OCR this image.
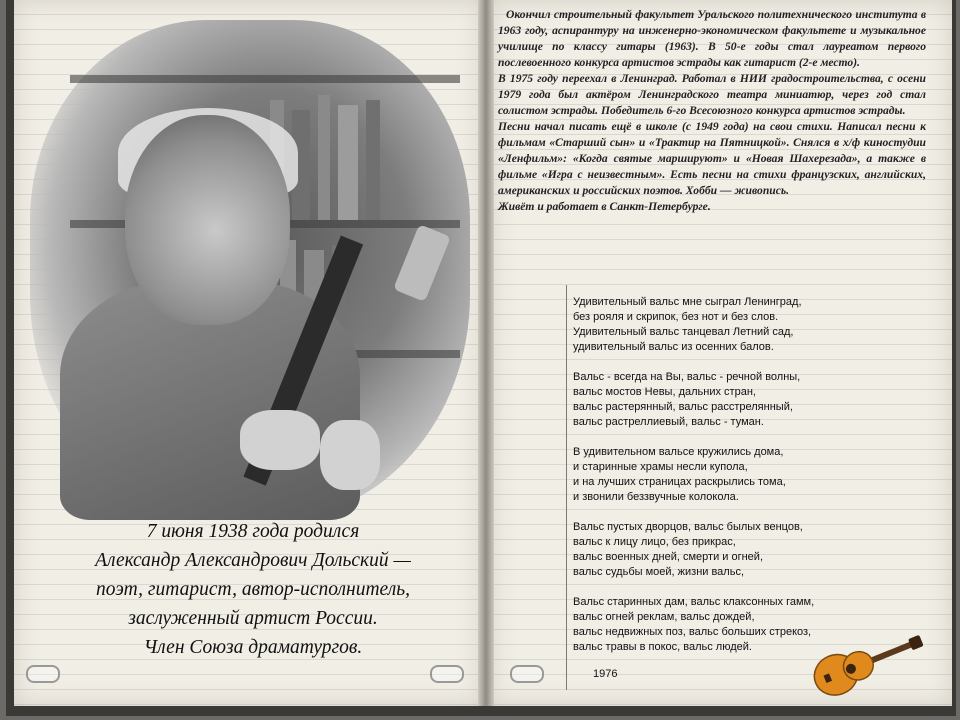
7 июня 1938 года родился
Александр Александрович Дольский —
поэт, гитарист, автор-исполнитель,
заслуженный артист России.
Член Союза драматургов.

Окончил строительный факультет Уральского политехнического института в 1963 году, аспирантуру на инженерно-экономическом факультете и музыкальное училище по классу гитары (1963). В 50-е годы стал лауреатом первого послевоенного конкурса артистов эстрады как гитарист (2-е место).

В 1975 году переехал в Ленинград. Работал в НИИ градостроительства, с осени 1979 года был актёром Ленинградского театра миниатюр, через год стал солистом эстрады. Победитель 6-го Всесоюзного конкурса артистов эстрады.

Песни начал писать ещё в школе (с 1949 года) на свои стихи. Написал песни к фильмам «Старший сын» и «Трактир на Пятницкой». Снялся в х/ф киностудии «Ленфильм»: «Когда святые маршируют» и «Новая Шахерезада», а также в фильме «Игра с неизвестным». Есть песни на стихи французских, английских, американских и российских поэтов. Хобби — живопись.

Живёт и работает в Санкт-Петербурге.

Удивительный вальс мне сыграл Ленинград,
без рояля и скрипок, без нот и без слов.
Удивительный вальс танцевал Летний сад,
удивительный вальс из осенних балов.
Вальс - всегда на Вы, вальс - речной волны,
вальс мостов Невы, дальних стран,
вальс растерянный, вальс расстрелянный,
вальс растреллиевый, вальс - туман.
В удивительном вальсе кружились дома,
и старинные храмы несли купола,
и на лучших страницах раскрылись тома,
и звонили беззвучные колокола.
Вальс пустых дворцов, вальс былых венцов,
вальс к лицу лицо, без прикрас,
вальс военных дней, смерти и огней,
вальс судьбы моей, жизни вальс,
Вальс старинных дам, вальс клаксонных гамм,
вальс огней реклам, вальс дождей,
вальс недвижных поз, вальс больших стрекоз,
вальс травы в покос, вальс людей.
1976
